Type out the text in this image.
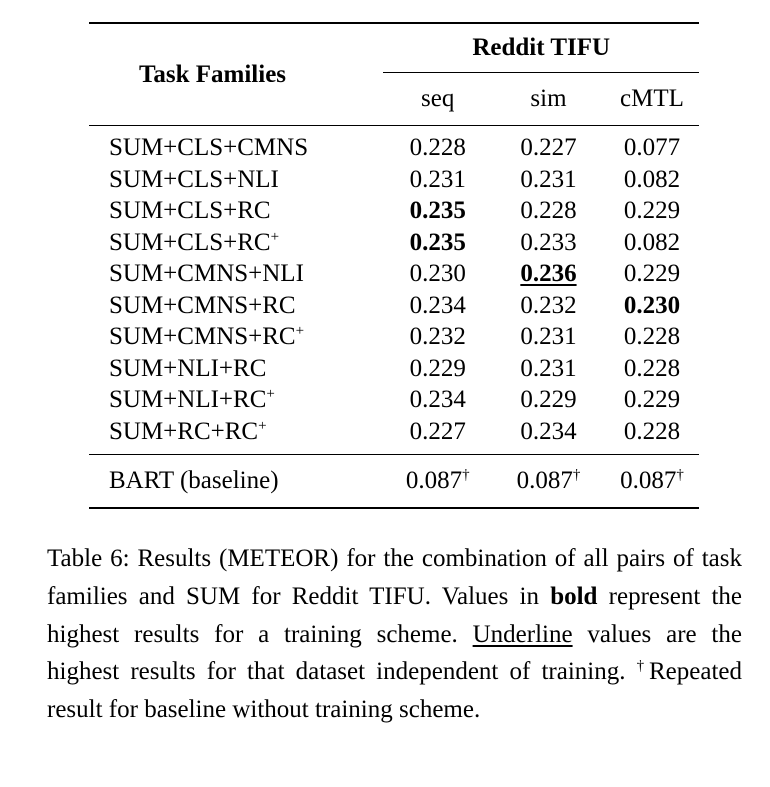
Task Families	Reddit TIFU		
	seq	sim	cMTL
SUM+CLS+CMNS	0.228	0.227	0.077
SUM+CLS+NLI	0.231	0.231	0.082
SUM+CLS+RC	0.235	0.228	0.229
SUM+CLS+RC+	0.235	0.233	0.082
SUM+CMNS+NLI	0.230	0.236	0.229
SUM+CMNS+RC	0.234	0.232	0.230
SUM+CMNS+RC+	0.232	0.231	0.228
SUM+NLI+RC	0.229	0.231	0.228
SUM+NLI+RC+	0.234	0.229	0.229
SUM+RC+RC+	0.227	0.234	0.228
BART (baseline)	0.087†	0.087†	0.087†
Table 6: Results (METEOR) for the combination of all pairs of task families and SUM for Reddit TIFU. Values in bold represent the highest results for a training scheme. Underline values are the highest results for that dataset independent of training. †Repeated result for baseline without training scheme.
